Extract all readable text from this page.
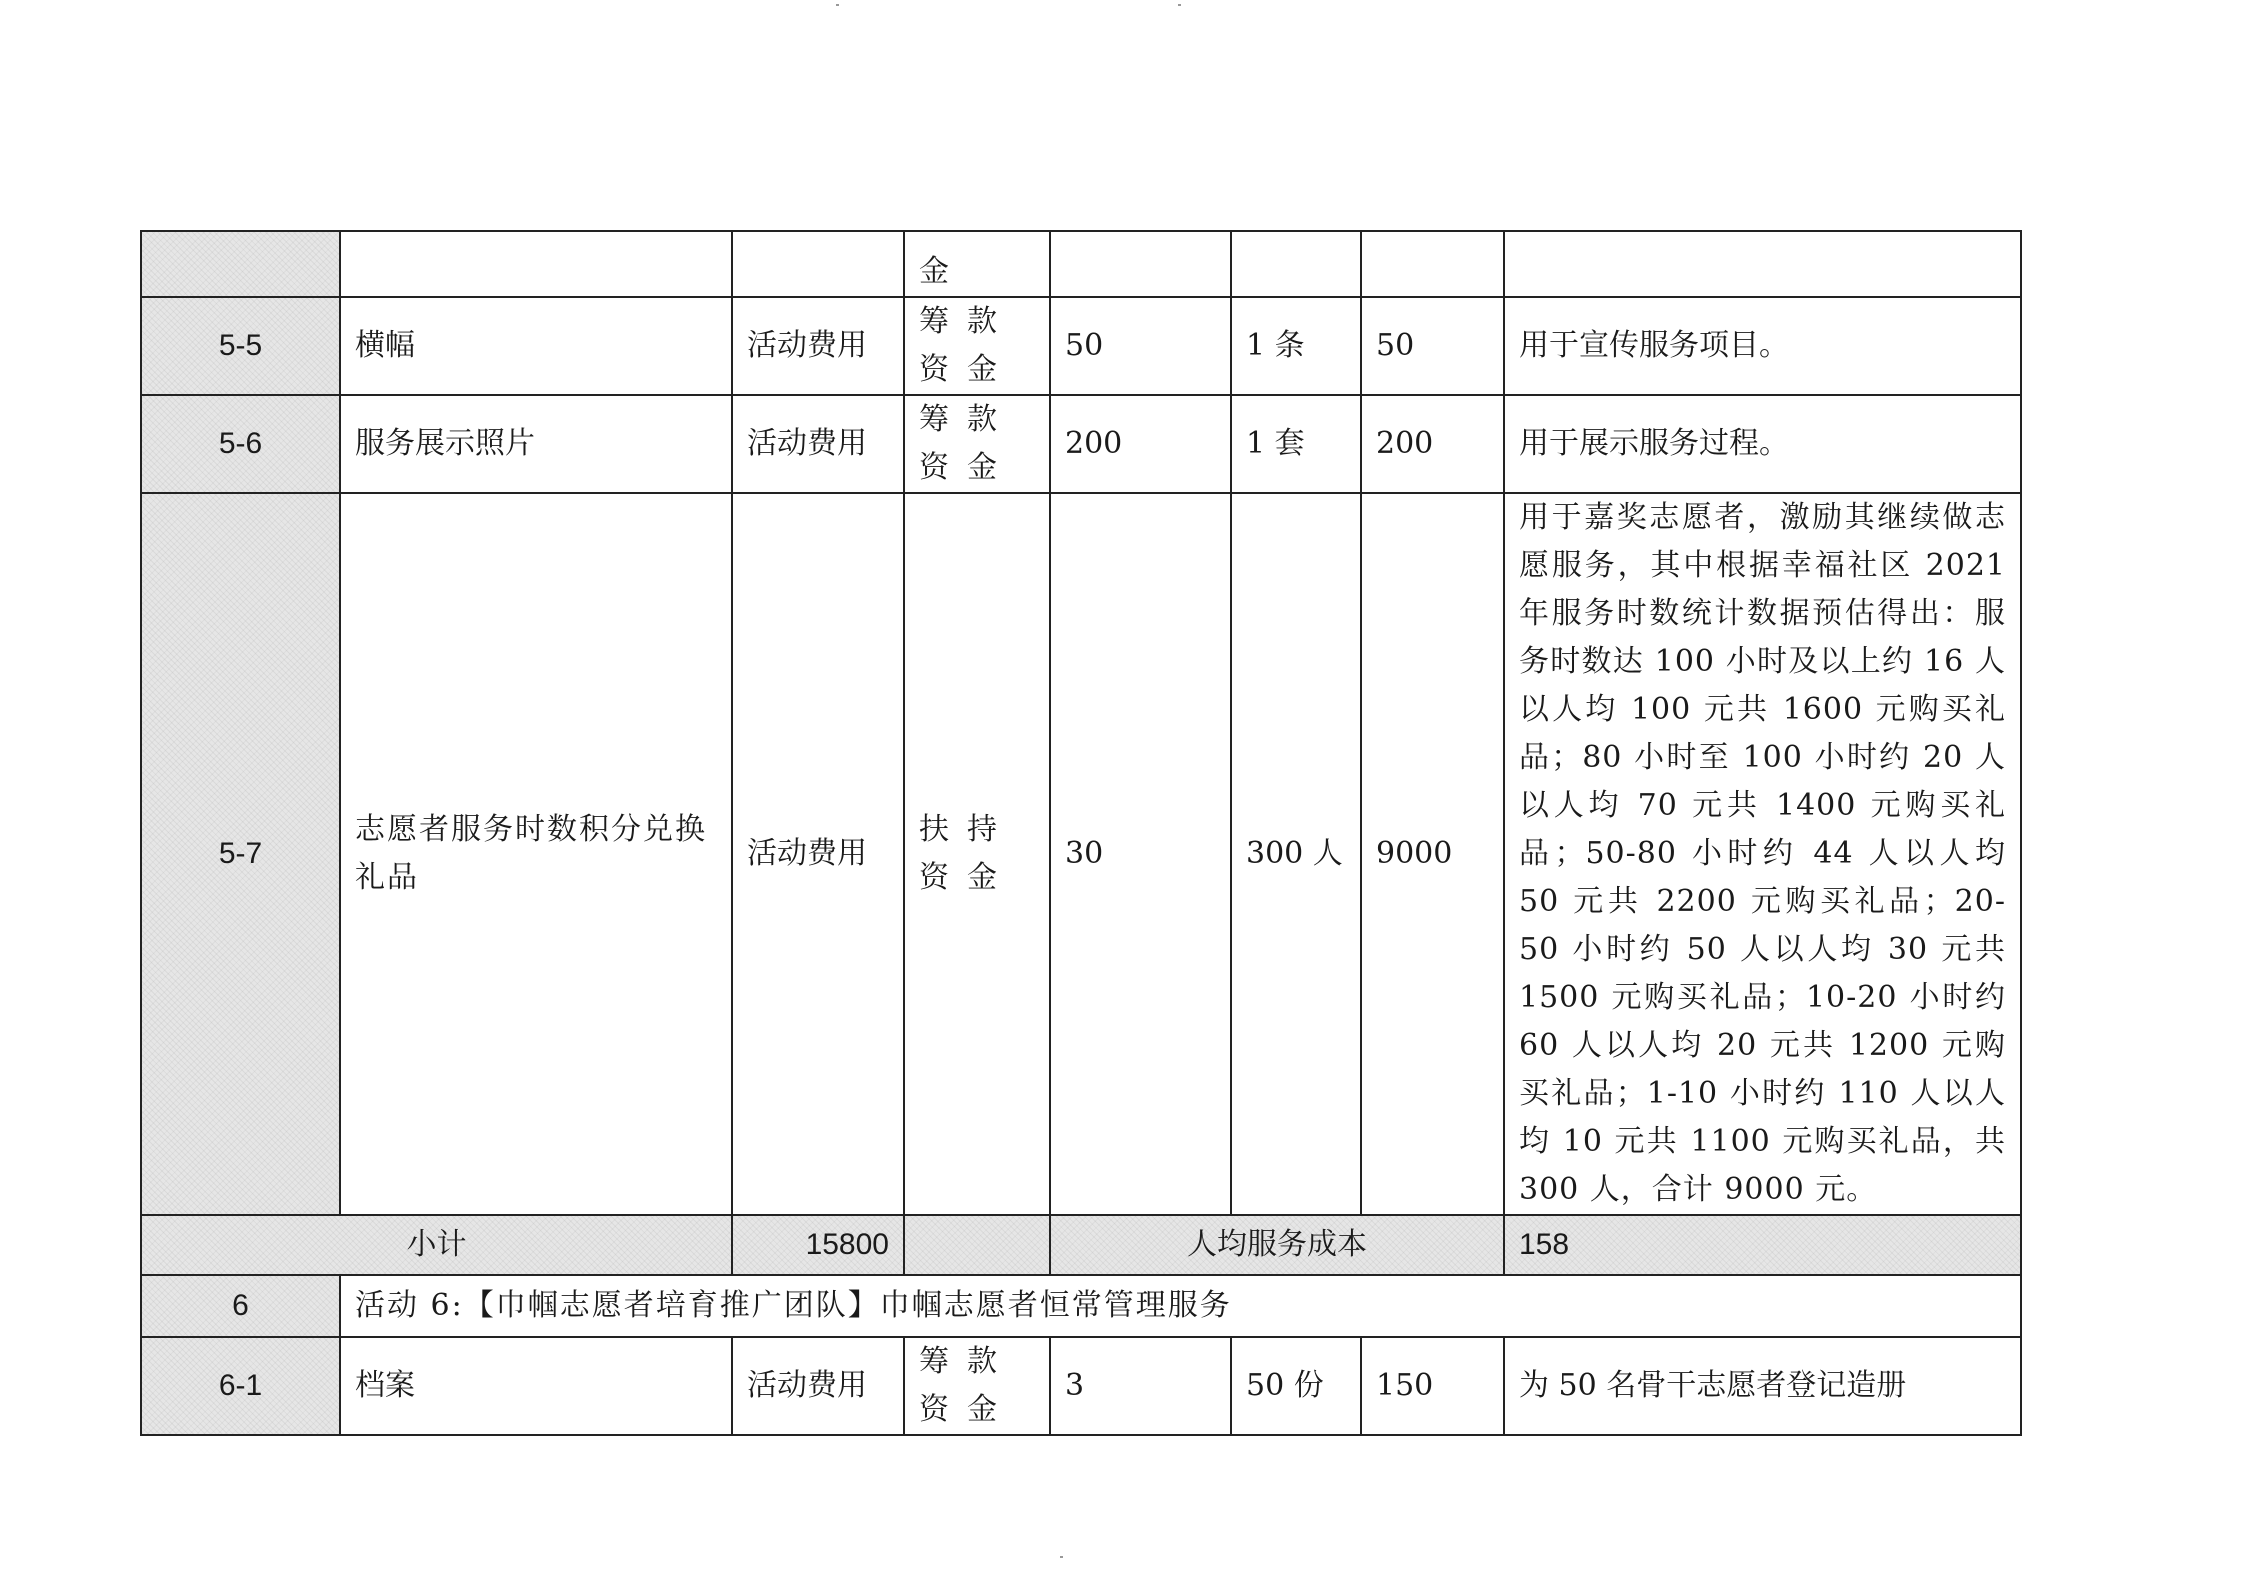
			金				
5-5	横幅	活动费用	筹款资金	50	1 条	50	用于宣传服务项目。
5-6	服务展示照片	活动费用	筹款资金	200	1 套	200	用于展示服务过程。
5-7	志愿者服务时数积分兑换礼品	活动费用	扶持资金	30	300 人	9000	用于嘉奖志愿者，激励其继续做志愿服务，其中根据幸福社区 2021 年服务时数统计数据预估得出：服务时数达 100 小时及以上约 16 人以人均 100 元共 1600 元购买礼品；80 小时至 100 小时约 20 人以人均 70 元共 1400 元购买礼品；50-80 小时约 44 人以人均 50 元共 2200 元购买礼品；20-50 小时约 50 人以人均 30 元共 1500 元购买礼品；10-20 小时约 60 人以人均 20 元共 1200 元购买礼品；1-10 小时约 110 人以人均 10 元共 1100 元购买礼品，共 300 人，合计 9000 元。
小计		15800		人均服务成本			158
6	活动 6:【巾帼志愿者培育推广团队】巾帼志愿者恒常管理服务						
6-1	档案	活动费用	筹款资金	3	50 份	150	为 50 名骨干志愿者登记造册
